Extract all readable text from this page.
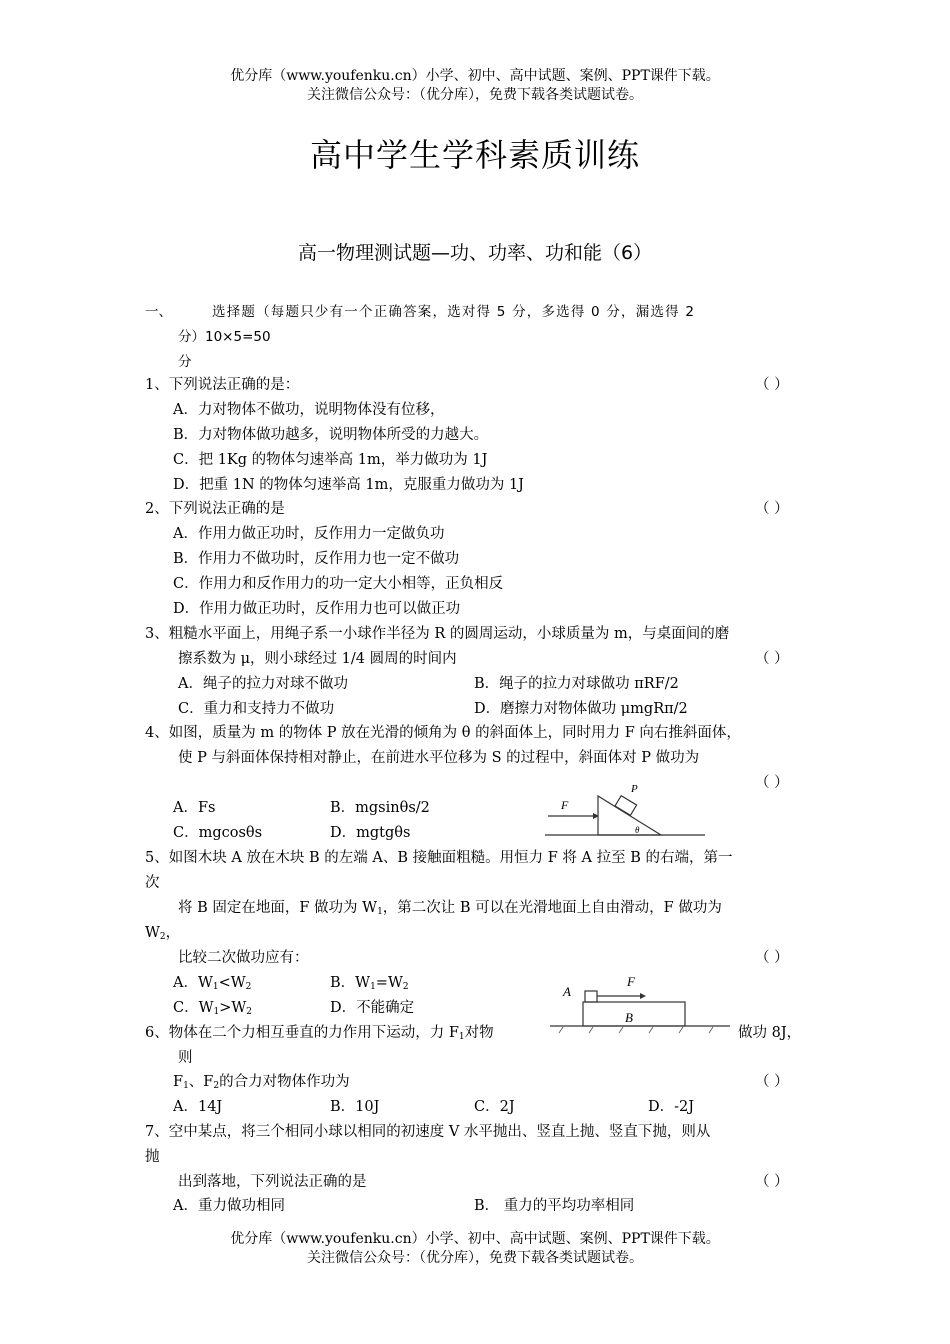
优分库（www.youfenku.cn）小学、初中、高中试题、案例、PPT课件下载。
关注微信公众号：（优分库），免费下载各类试题试卷。
高中学生学科素质训练
高一物理测试题—功、功率、功和能（6）
一、	选择题（每题只少有一个正确答案，选对得 5 分，多选得 0 分，漏选得 2
分）10×5=50
分
1、下列说法正确的是：	（ ）
A．力对物体不做功，说明物体没有位移，
B．力对物体做功越多，说明物体所受的力越大。
C．把 1Kg 的物体匀速举高 1m，举力做功为 1J
D．把重 1N 的物体匀速举高 1m，克服重力做功为 1J
2、下列说法正确的是	（ ）
A．作用力做正功时，反作用力一定做负功
B．作用力不做功时，反作用力也一定不做功
C．作用力和反作用力的功一定大小相等，正负相反
D．作用力做正功时，反作用力也可以做正功
3、粗糙水平面上，用绳子系一小球作半径为 R 的圆周运动，小球质量为 m，与桌面间的磨
擦系数为 μ，则小球经过 1/4 圆周的时间内	（ ）
A．绳子的拉力对球不做功	B．绳子的拉力对球做功 πRF/2
C．重力和支持力不做功	D．磨擦力对物体做功 μmgRπ/2
4、如图，质量为 m 的物体 P 放在光滑的倾角为 θ 的斜面体上，同时用力 F 向右推斜面体，
使 P 与斜面体保持相对静止，在前进水平位移为 S 的过程中，斜面体对 P 做功为
（ ）
A．Fs	B．mgsinθs/2
C．mgcosθs	D．mgtgθs
F
P
θ
5、如图木块 A 放在木块 B 的左端 A、B 接触面粗糙。用恒力 F 将 A 拉至 B 的右端，第一
次
将 B 固定在地面，F 做功为 $W_1$，第二次让 B 可以在光滑地面上自由滑动，F 做功为
$W_2$，
比较二次做功应有：	（ ）
A．$W_1<W_2$	B．$W_1=W_2$
C．$W_1>W_2$	D．不能确定
A
F
B
6、物体在二个力相互垂直的力作用下运动，力 $F_1$对物	做功 8J，
则
$F_1$、$F_2$的合力对物体作功为	（ ）
A．14J	B．10J	C．2J	D．-2J
7、空中某点，将三个相同小球以相同的初速度 V 水平抛出、竖直上抛、竖直下抛，则从
抛
出到落地，下列说法正确的是	（ ）
A．重力做功相同	B． 重力的平均功率相同
优分库（www.youfenku.cn）小学、初中、高中试题、案例、PPT课件下载。
关注微信公众号：（优分库），免费下载各类试题试卷。
